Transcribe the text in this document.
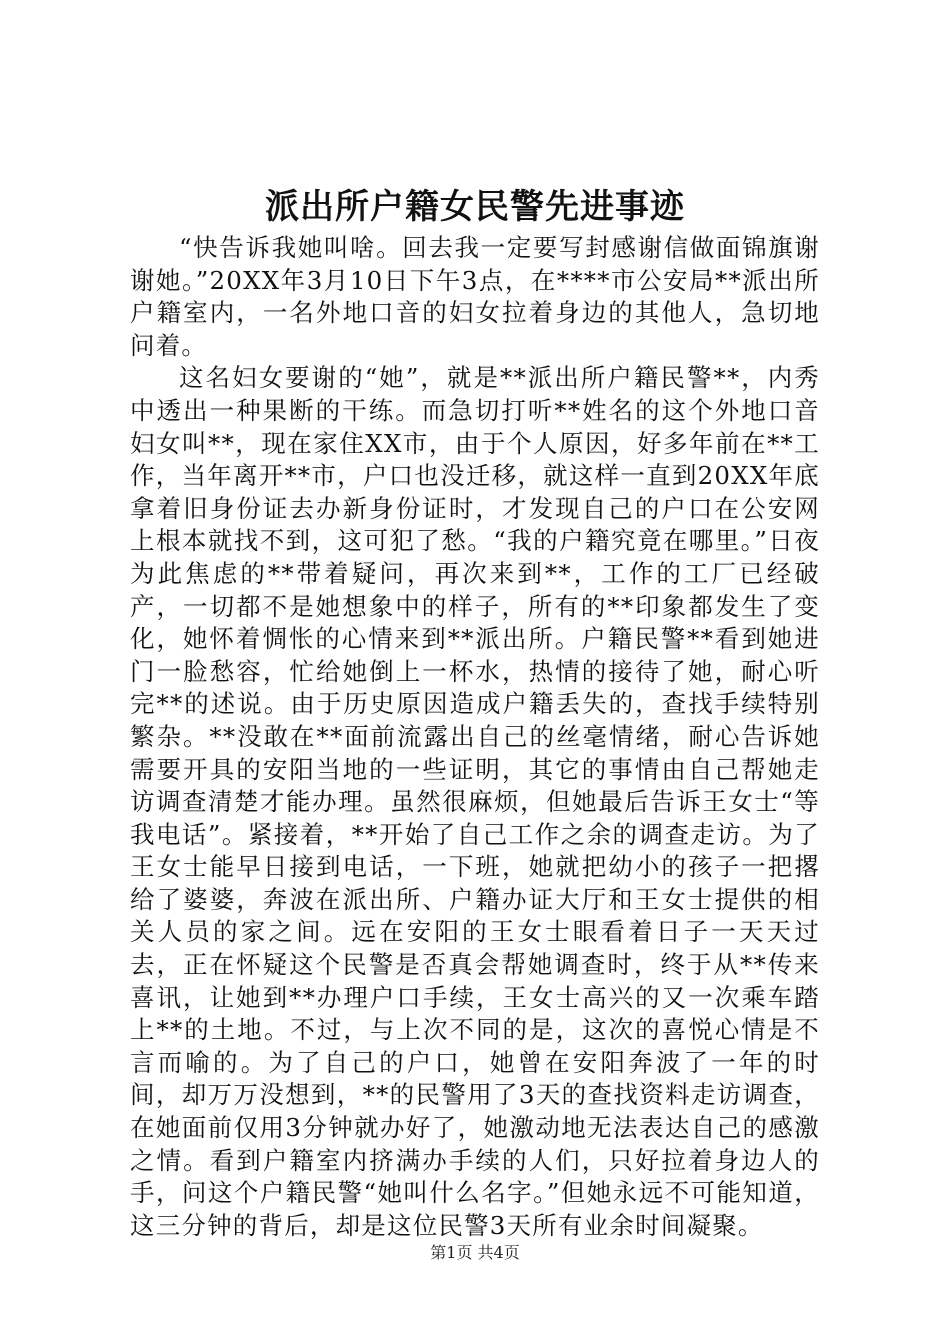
派出所户籍女民警先进事迹

“快告诉我她叫啥。回去我一定要写封感谢信做面锦旗谢谢她。”20XX年3月10日下午3点，在****市公安局**派出所户籍室内，一名外地口音的妇女拉着身边的其他人，急切地问着。

这名妇女要谢的“她”，就是**派出所户籍民警**，内秀中透出一种果断的干练。而急切打听**姓名的这个外地口音妇女叫**，现在家住XX市，由于个人原因，好多年前在**工作，当年离开**市，户口也没迁移，就这样一直到20XX年底拿着旧身份证去办新身份证时，才发现自己的户口在公安网上根本就找不到，这可犯了愁。“我的户籍究竟在哪里。”日夜为此焦虑的**带着疑问，再次来到**，工作的工厂已经破产，一切都不是她想象中的样子，所有的**印象都发生了变化，她怀着惆怅的心情来到**派出所。户籍民警**看到她进门一脸愁容，忙给她倒上一杯水，热情的接待了她，耐心听完**的述说。由于历史原因造成户籍丢失的，查找手续特别繁杂。**没敢在**面前流露出自己的丝毫情绪，耐心告诉她需要开具的安阳当地的一些证明，其它的事情由自己帮她走访调查清楚才能办理。虽然很麻烦，但她最后告诉王女士“等我电话”。紧接着，**开始了自己工作之余的调查走访。为了王女士能早日接到电话，一下班，她就把幼小的孩子一把撂给了婆婆，奔波在派出所、户籍办证大厅和王女士提供的相关人员的家之间。远在安阳的王女士眼看着日子一天天过去，正在怀疑这个民警是否真会帮她调查时，终于从**传来喜讯，让她到**办理户口手续，王女士高兴的又一次乘车踏上**的土地。不过，与上次不同的是，这次的喜悦心情是不言而喻的。为了自己的户口，她曾在安阳奔波了一年的时间，却万万没想到，**的民警用了3天的查找资料走访调查，在她面前仅用3分钟就办好了，她激动地无法表达自己的感激之情。看到户籍室内挤满办手续的人们，只好拉着身边人的手，问这个户籍民警“她叫什么名字。”但她永远不可能知道，这三分钟的背后，却是这位民警3天所有业余时间凝聚。

第1页 共4页
